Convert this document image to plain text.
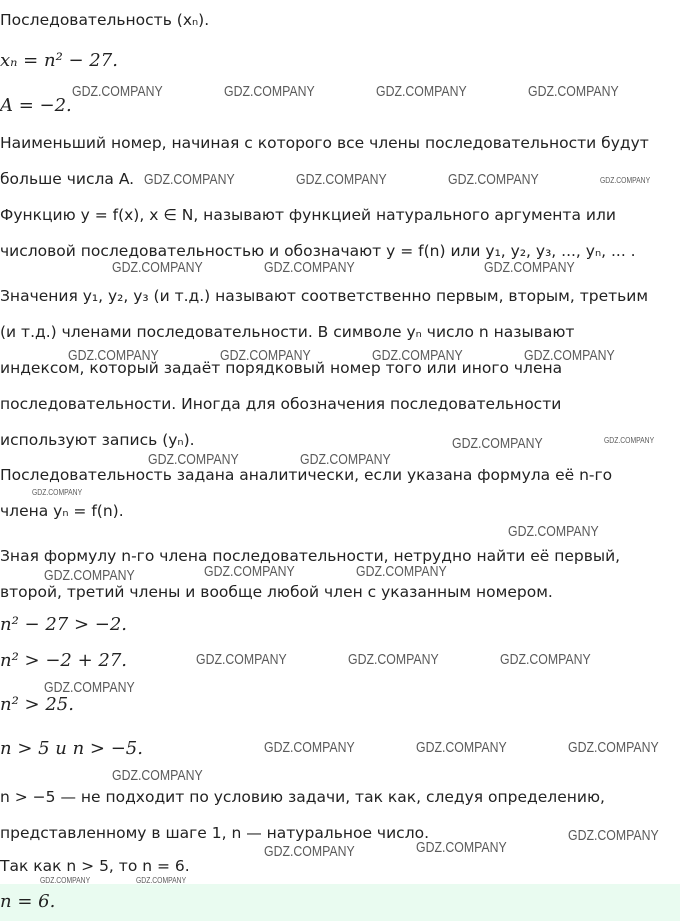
Последовательность (xₙ).
xₙ = n² − 27.
A = −2.
Наименьший номер, начиная с которого все члены последовательности будут
больше числа A.
Функцию y = f(x), x ∈ N, называют функцией натурального аргумента или
числовой последовательностью и обозначают y = f(n) или y₁, y₂, y₃, ..., yₙ, ... .
Значения y₁, y₂, y₃ (и т.д.) называют соответственно первым, вторым, третьим
(и т.д.) членами последовательности. В символе yₙ число n называют
индексом, который задаёт порядковый номер того или иного члена
последовательности. Иногда для обозначения последовательности
используют запись (yₙ).
Последовательность задана аналитически, если указана формула её n-го
члена yₙ = f(n).
Зная формулу n-го члена последовательности, нетрудно найти её первый,
второй, третий члены и вообще любой член с указанным номером.
n² − 27 > −2.
n² > −2 + 27.
n² > 25.
n > 5 и n > −5.
n > −5 — не подходит по условию задачи, так как, следуя определению,
представленному в шаге 1, n — натуральное число.
Так как n > 5, то n = 6.
n = 6.
GDZ.COMPANY	GDZ.COMPANY	GDZ.COMPANY	GDZ.COMPANY
GDZ.COMPANY	GDZ.COMPANY	GDZ.COMPANY	GDZ.COMPANY
GDZ.COMPANY	GDZ.COMPANY	GDZ.COMPANY
GDZ.COMPANY	GDZ.COMPANY	GDZ.COMPANY	GDZ.COMPANY
GDZ.COMPANY	GDZ.COMPANY
GDZ.COMPANY	GDZ.COMPANY
GDZ.COMPANY
GDZ.COMPANY
GDZ.COMPANY	GDZ.COMPANY	GDZ.COMPANY
GDZ.COMPANY	GDZ.COMPANY	GDZ.COMPANY
GDZ.COMPANY
GDZ.COMPANY	GDZ.COMPANY	GDZ.COMPANY
GDZ.COMPANY
GDZ.COMPANY
GDZ.COMPANY	GDZ.COMPANY
GDZ.COMPANY	GDZ.COMPANY
